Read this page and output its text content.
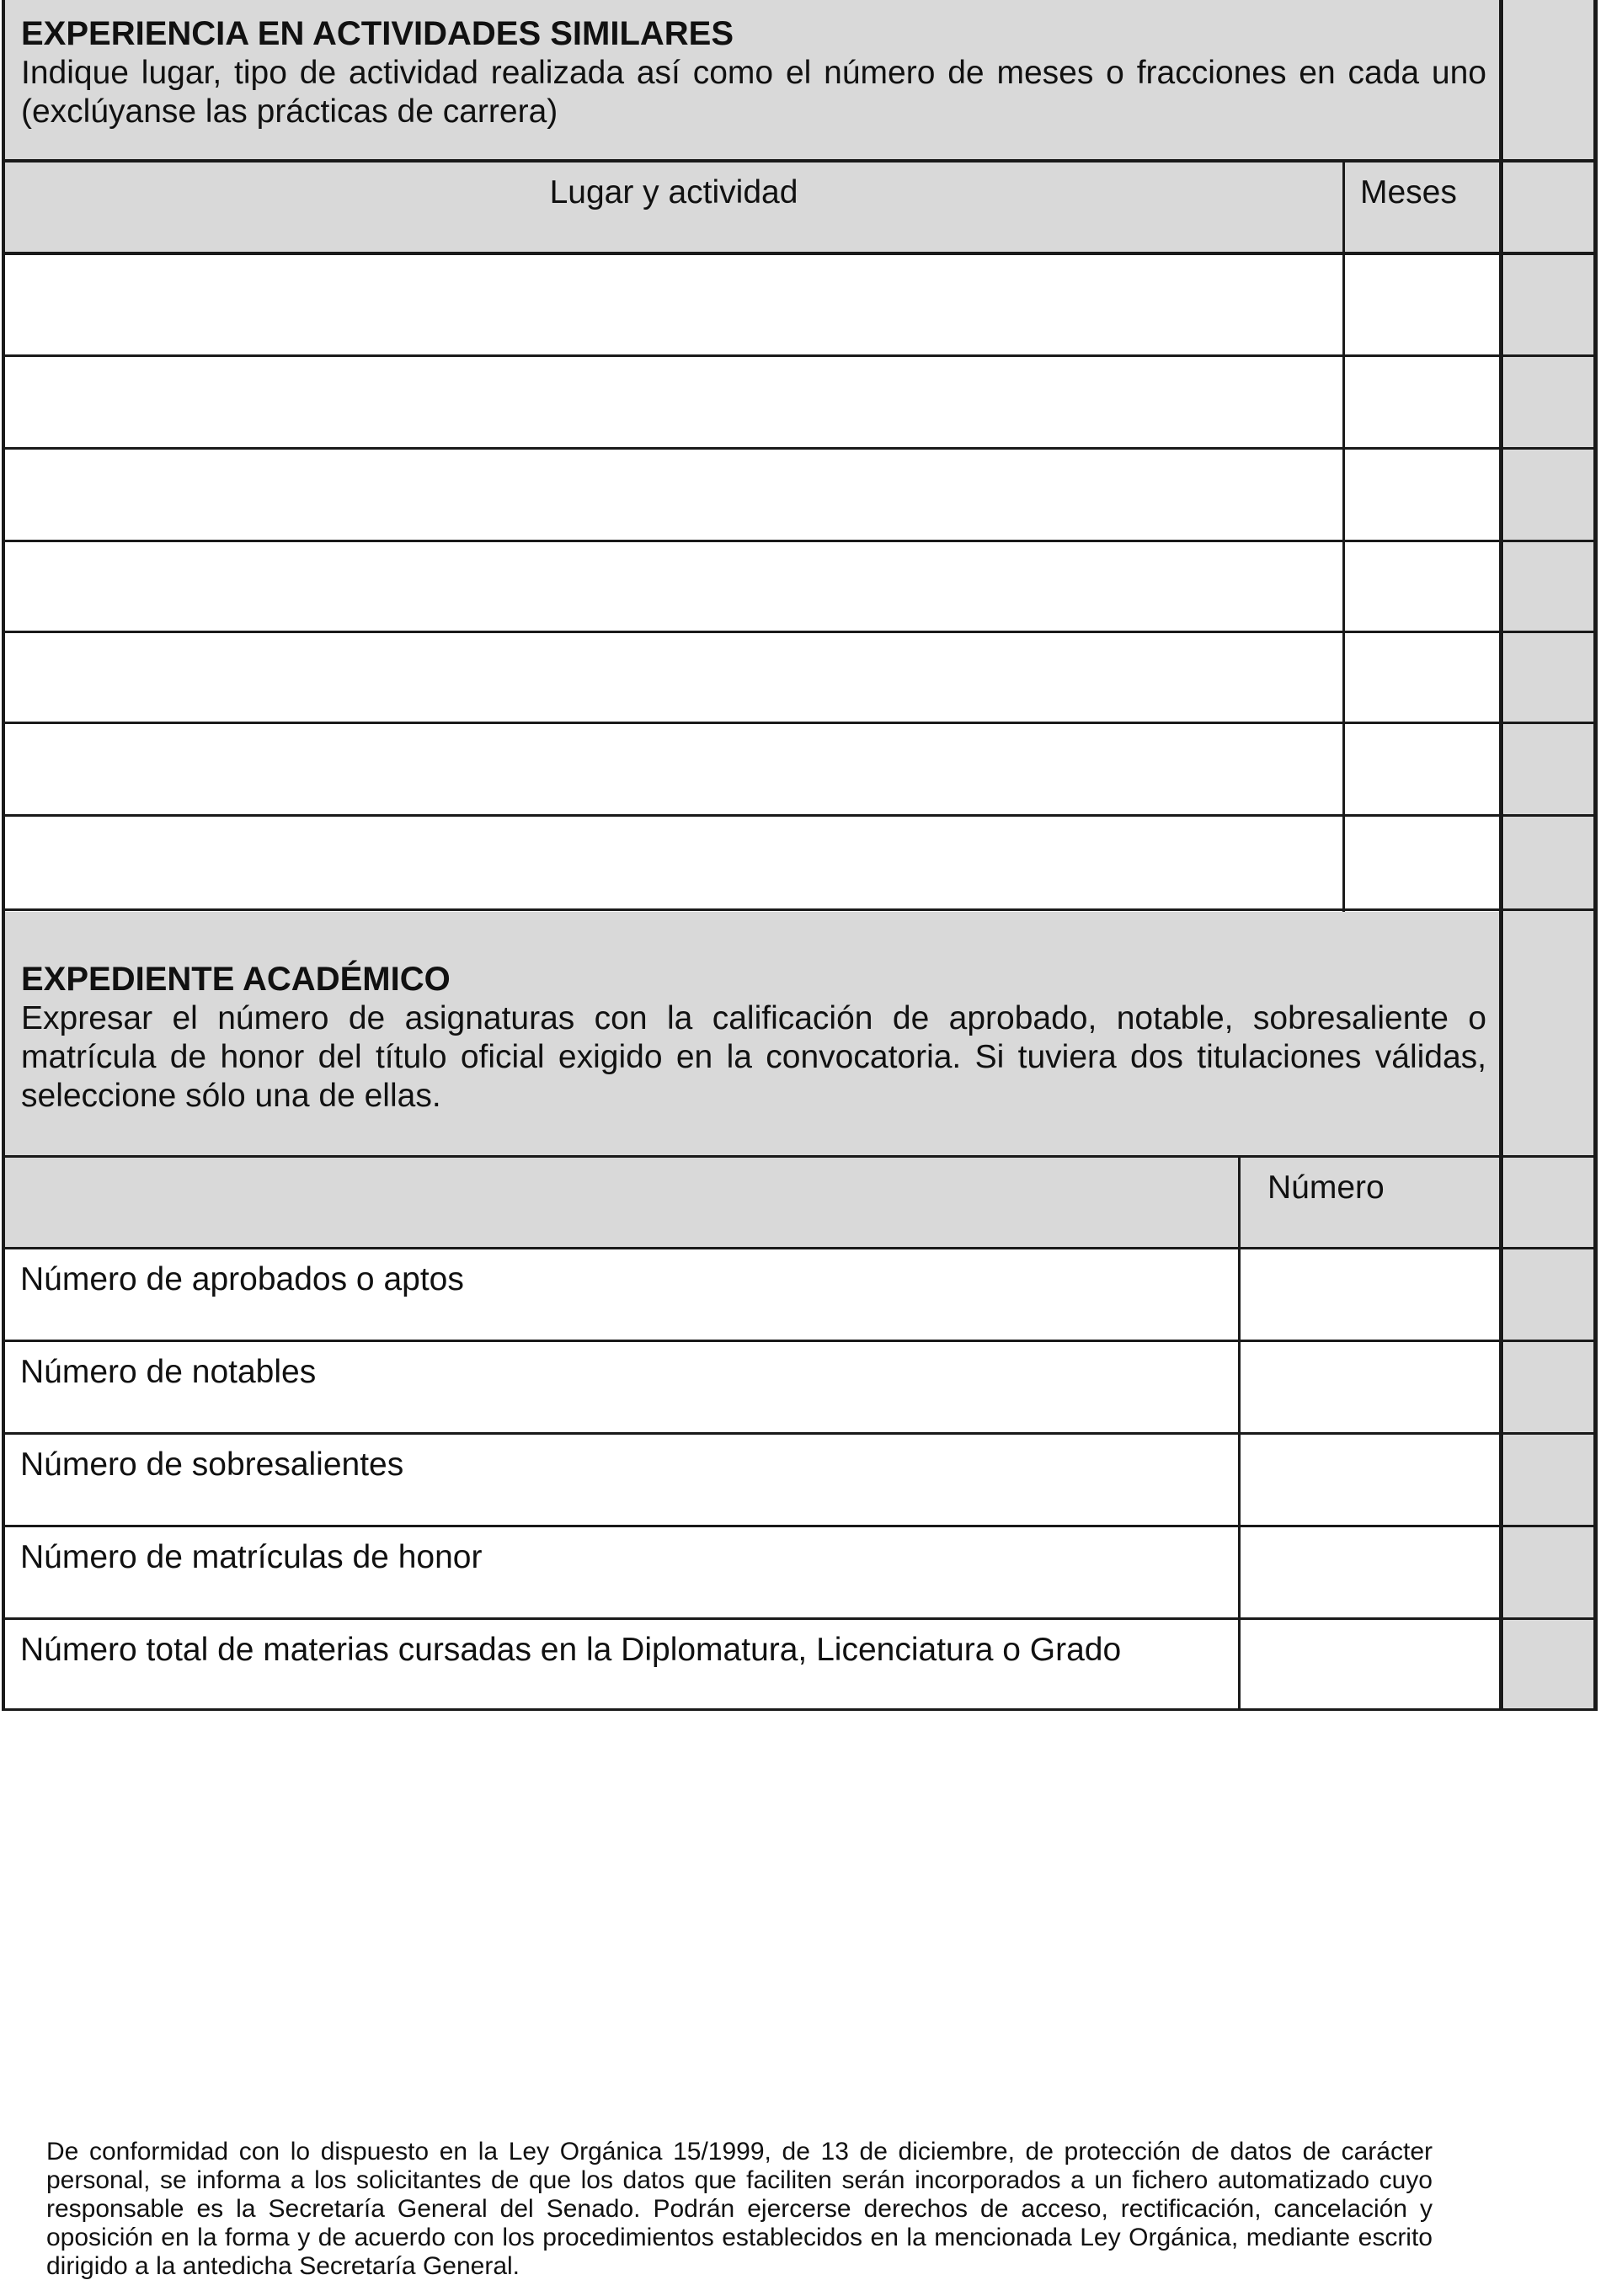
EXPERIENCIA EN ACTIVIDADES SIMILARES
Indique lugar, tipo de actividad realizada así como el número de meses o fracciones en cada uno (exclúyanse las prácticas de carrera)
Lugar y actividad	Meses
EXPEDIENTE ACADÉMICO
Expresar el número de asignaturas con la calificación de aprobado, notable, sobresaliente o matrícula de honor del título oficial exigido en la convocatoria. Si tuviera dos titulaciones válidas, seleccione sólo una de ellas.
Número
Número de aprobados o aptos
Número de notables
Número de sobresalientes
Número de matrículas de honor
Número total de materias cursadas en la Diplomatura, Licenciatura o Grado
De conformidad con lo dispuesto en la Ley Orgánica 15/1999, de 13 de diciembre, de protección de datos de carácter personal, se informa a los solicitantes de que los datos que faciliten serán incorporados a un fichero automatizado cuyo responsable es la Secretaría General del Senado. Podrán ejercerse derechos de acceso, rectificación, cancelación y oposición en la forma y de acuerdo con los procedimientos establecidos en la mencionada Ley Orgánica, mediante escrito dirigido a la antedicha Secretaría General.
